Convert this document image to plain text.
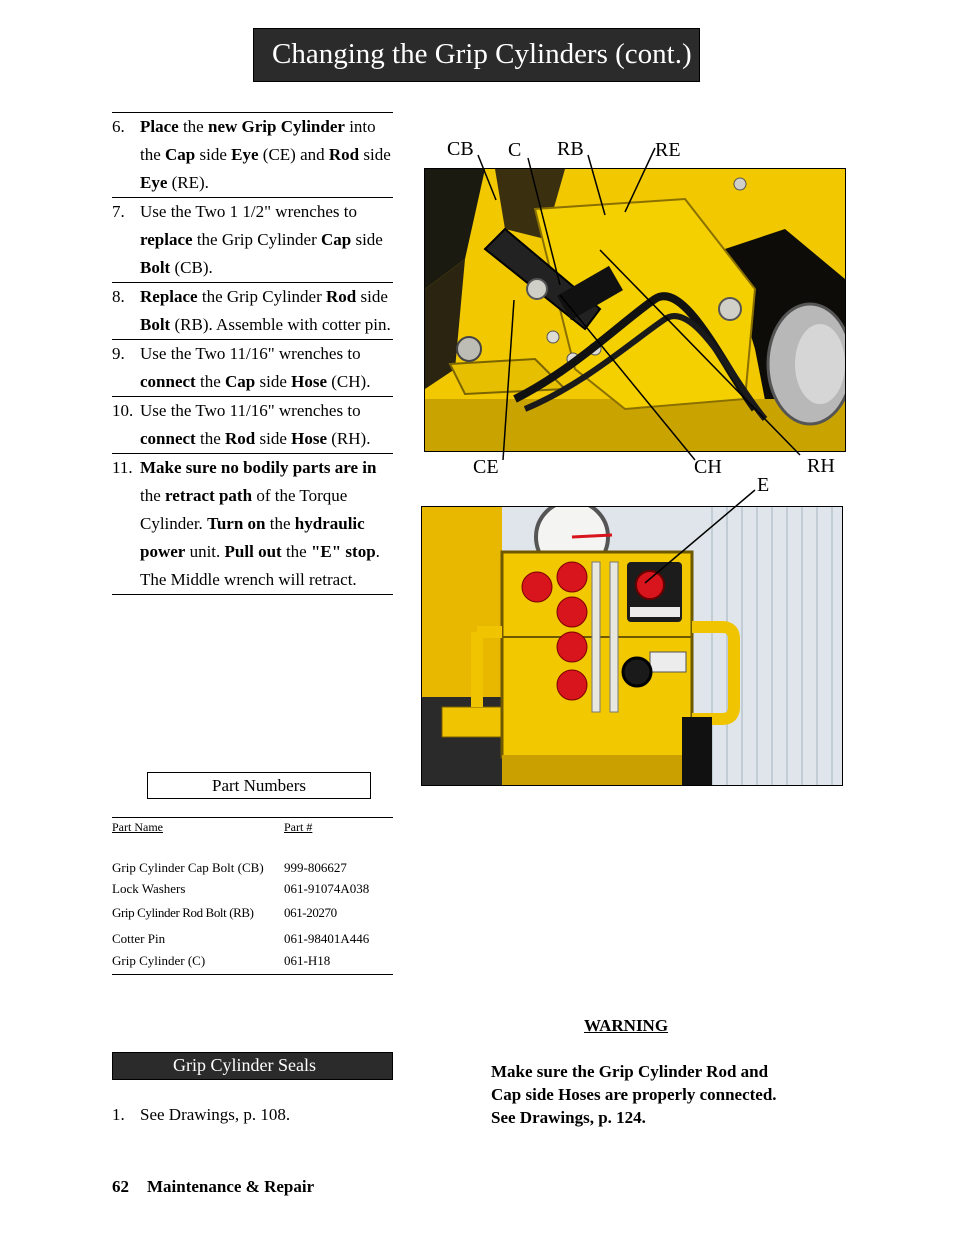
Changing the Grip Cylinders (cont.)
6. Place the new Grip Cylinder into the Cap side Eye (CE) and Rod side Eye (RE).
7. Use the Two 1 1/2" wrenches to replace the Grip Cylinder Cap side Bolt (CB).
8. Replace the Grip Cylinder Rod side Bolt (RB). Assemble with cotter pin.
9. Use the Two 11/16" wrenches to connect the Cap side Hose (CH).
10. Use the Two 11/16" wrenches to connect the Rod side Hose (RH).
11. Make sure no bodily parts are in the retract path of the Torque Cylinder. Turn on the hydraulic power unit. Pull out the "E" stop. The Middle wrench will retract.
Part Numbers
Part Name	Part #
Grip Cylinder Cap Bolt (CB) 999-806627
Lock Washers	061-91074A038
Grip Cylinder Rod Bolt (RB) 061-20270
Cotter Pin	061-98401A446
Grip Cylinder (C)	061-H18
Grip Cylinder Seals
1. See Drawings, p. 108.
WARNING
Make sure the Grip Cylinder Rod and Cap side Hoses are properly connected. See Drawings, p. 124.
62 Maintenance & Repair
CB C RB	RE
CE	CH	RH
E
